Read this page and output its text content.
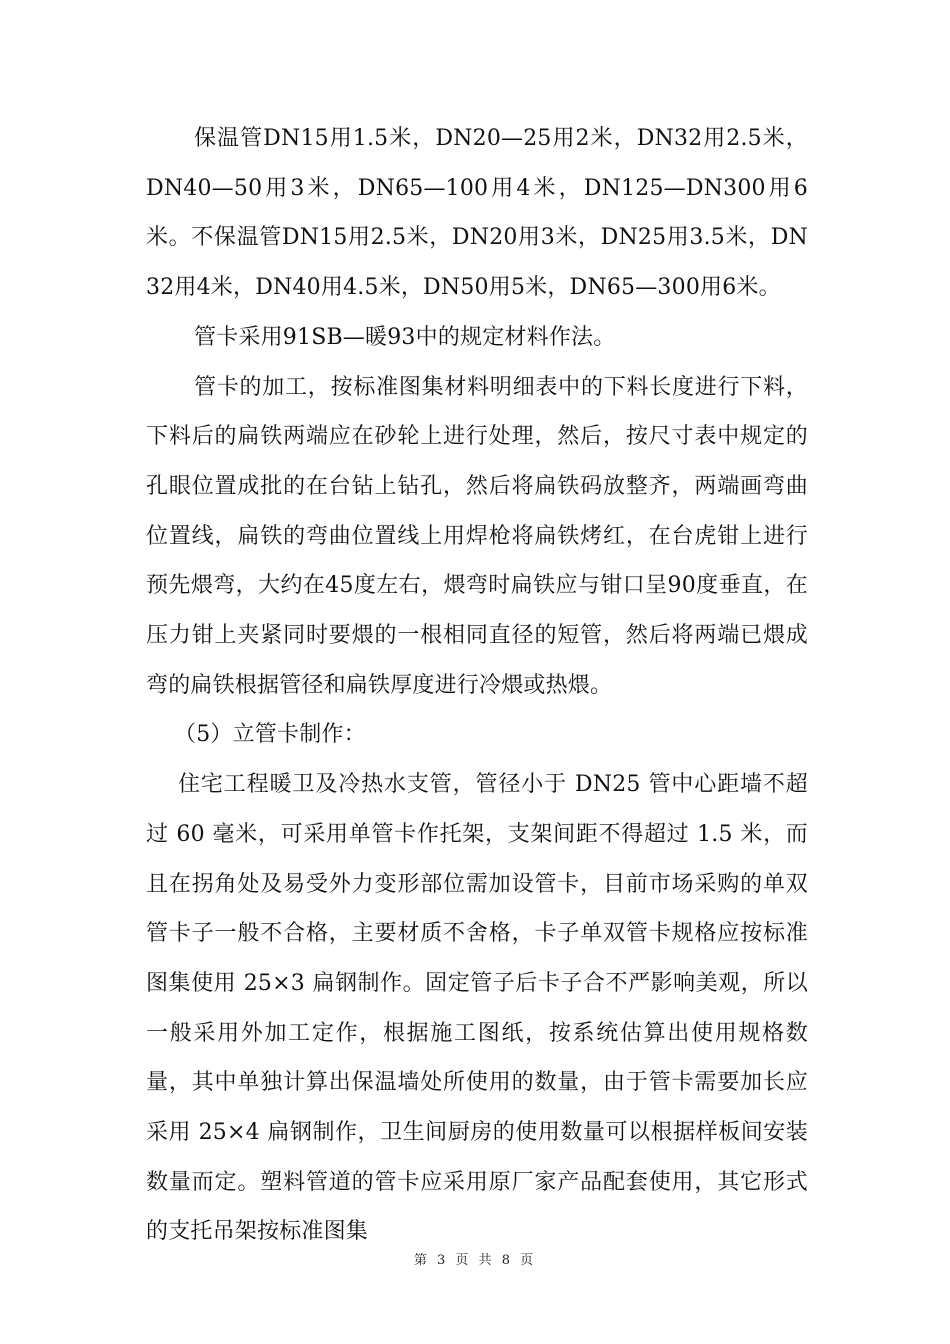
保温管DN15用1.5米，DN20—25用2米，DN32用2.5米，DN40—50用3米，DN65—100用4米，DN125—DN300用6米。不保温管DN15用2.5米，DN20用3米，DN25用3.5米，DN32用4米，DN40用4.5米，DN50用5米，DN65—300用6米。

管卡采用91SB—暖93中的规定材料作法。

管卡的加工，按标准图集材料明细表中的下料长度进行下料，下料后的扁铁两端应在砂轮上进行处理，然后，按尺寸表中规定的孔眼位置成批的在台钻上钻孔，然后将扁铁码放整齐，两端画弯曲位置线，扁铁的弯曲位置线上用焊枪将扁铁烤红，在台虎钳上进行预先煨弯，大约在45度左右，煨弯时扁铁应与钳口呈90度垂直，在压力钳上夹紧同时要煨的一根相同直径的短管，然后将两端已煨成弯的扁铁根据管径和扁铁厚度进行冷煨或热煨。

（5）立管卡制作：

住宅工程暖卫及冷热水支管，管径小于 DN25 管中心距墙不超过 60 毫米，可采用单管卡作托架，支架间距不得超过 1.5 米，而且在拐角处及易受外力变形部位需加设管卡，目前市场采购的单双管卡子一般不合格，主要材质不舍格，卡子单双管卡规格应按标准图集使用 25×3 扁钢制作。固定管子后卡子合不严影响美观，所以一般采用外加工定作，根据施工图纸，按系统估算出使用规格数量，其中单独计算出保温墙处所使用的数量，由于管卡需要加长应采用 25×4 扁钢制作，卫生间厨房的使用数量可以根据样板间安装数量而定。塑料管道的管卡应采用原厂家产品配套使用，其它形式的支托吊架按标准图集

第 3 页 共 8 页
